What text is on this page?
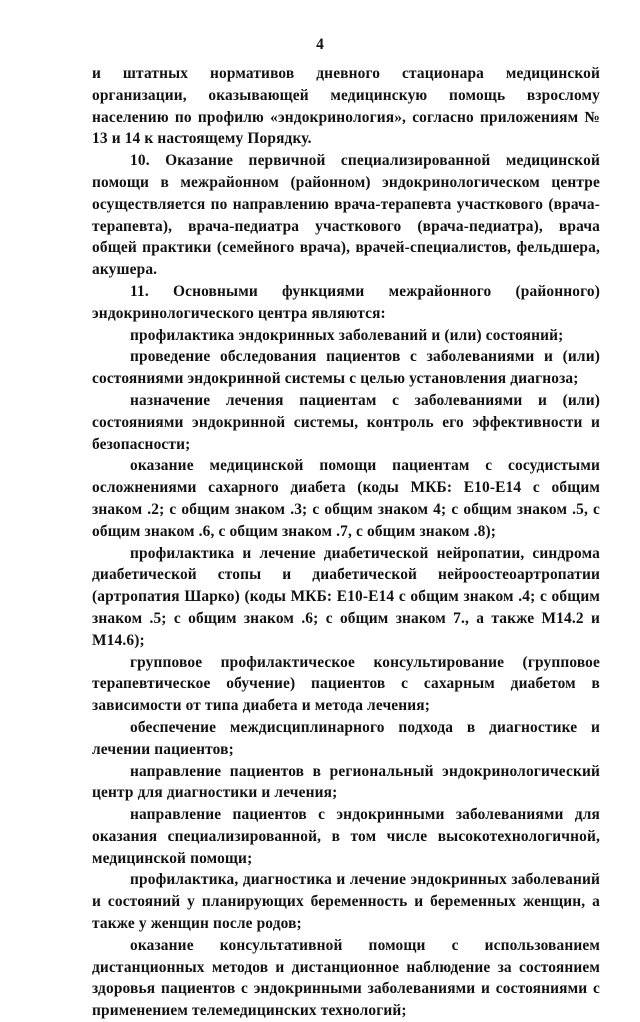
4

и штатных нормативов дневного стационара медицинской организации, оказывающей медицинскую помощь взрослому населению по профилю «эндокринология», согласно приложениям № 13 и 14 к настоящему Порядку.

10. Оказание первичной специализированной медицинской помощи в межрайонном (районном) эндокринологическом центре осуществляется по направлению врача-терапевта участкового (врача-терапевта), врача-педиатра участкового (врача-педиатра), врача общей практики (семейного врача), врачей-специалистов, фельдшера, акушера.

11. Основными функциями межрайонного (районного) эндокринологического центра являются:

профилактика эндокринных заболеваний и (или) состояний;

проведение обследования пациентов с заболеваниями и (или) состояниями эндокринной системы с целью установления диагноза;

назначение лечения пациентам с заболеваниями и (или) состояниями эндокринной системы, контроль его эффективности и безопасности;

оказание медицинской помощи пациентам с сосудистыми осложнениями сахарного диабета (коды МКБ: E10-E14 с общим знаком .2; с общим знаком .3; с общим знаком 4; с общим знаком .5, с общим знаком .6, с общим знаком .7, с общим знаком .8);

профилактика и лечение диабетической нейропатии, синдрома диабетической стопы и диабетической нейроостеоартропатии (артропатия Шарко) (коды МКБ: E10-E14 с общим знаком .4; с общим знаком .5; с общим знаком .6; с общим знаком 7., а также M14.2 и M14.6);

групповое профилактическое консультирование (групповое терапевтическое обучение) пациентов с сахарным диабетом в зависимости от типа диабета и метода лечения;

обеспечение междисциплинарного подхода в диагностике и лечении пациентов;

направление пациентов в региональный эндокринологический центр для диагностики и лечения;

направление пациентов с эндокринными заболеваниями для оказания специализированной, в том числе высокотехнологичной, медицинской помощи;

профилактика, диагностика и лечение эндокринных заболеваний и состояний у планирующих беременность и беременных женщин, а также у женщин после родов;

оказание консультативной помощи с использованием дистанционных методов и дистанционное наблюдение за состоянием здоровья пациентов с эндокринными заболеваниями и состояниями с применением телемедицинских технологий;
